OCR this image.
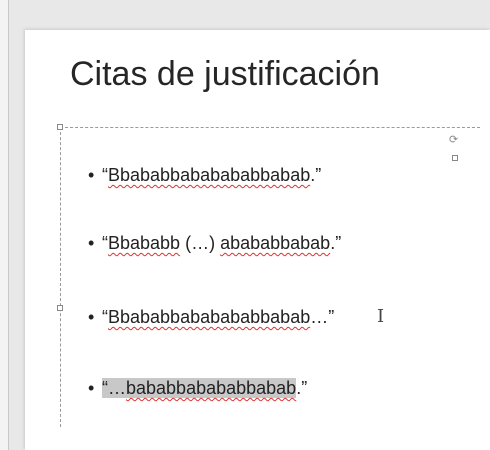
Citas de justificación
⟳
• “Bbababbababababbabab.”
• “Bbababb (…) abababbabab.”
• “Bbababbababababbabab…” I
• “…bababbabababbabab.”
